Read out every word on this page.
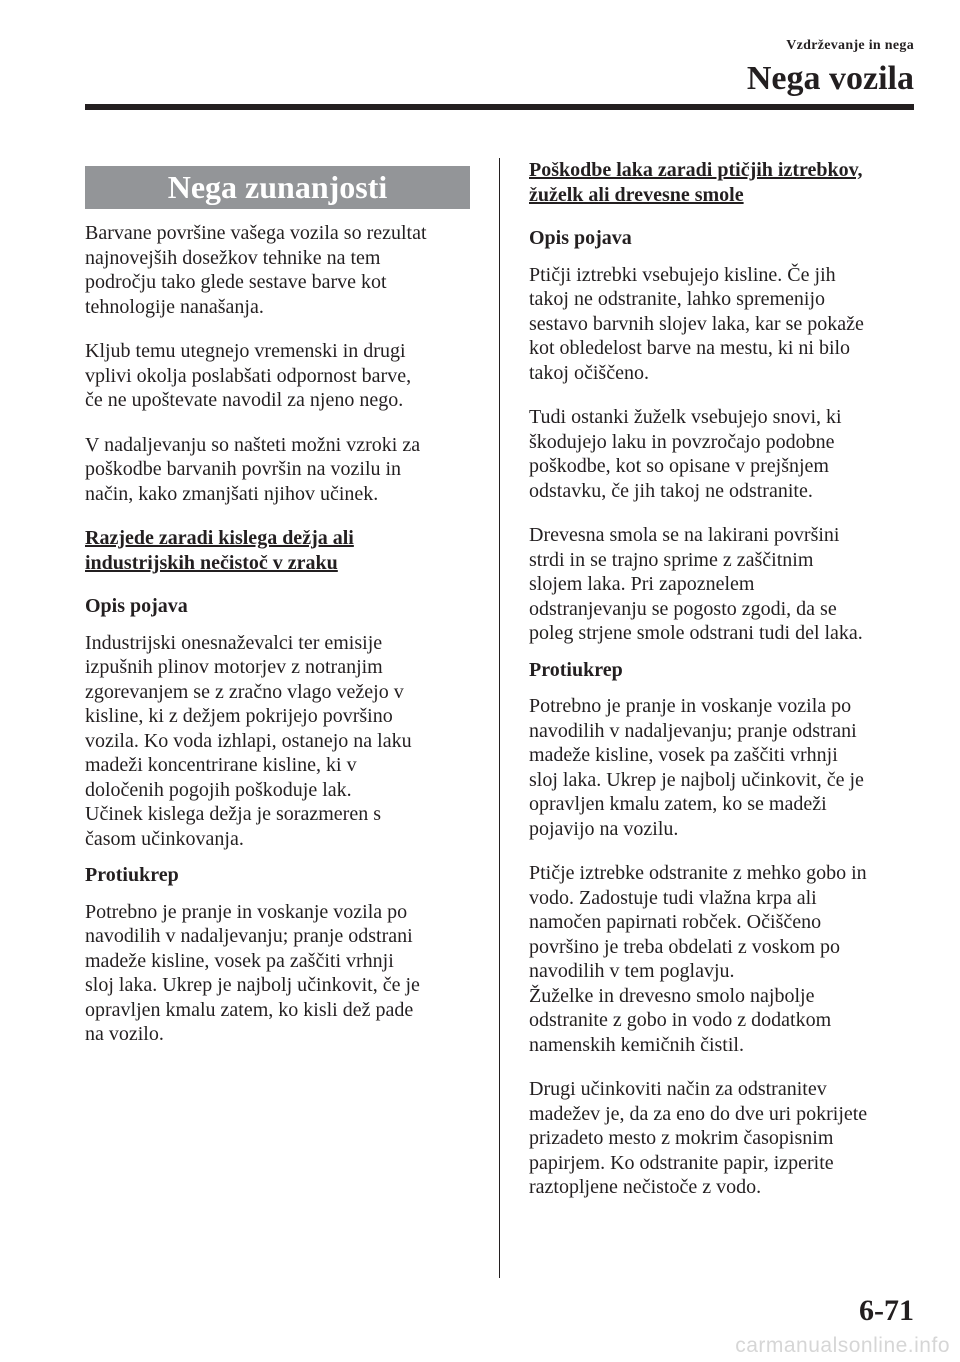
Vzdrževanje in nega
Nega vozila
Nega zunanjosti

Barvane površine vašega vozila so rezultat
najnovejših dosežkov tehnike na tem
področju tako glede sestave barve kot
tehnologije nanašanja.

Kljub temu utegnejo vremenski in drugi
vplivi okolja poslabšati odpornost barve,
če ne upoštevate navodil za njeno nego.

V nadaljevanju so našteti možni vzroki za
poškodbe barvanih površin na vozilu in
način, kako zmanjšati njihov učinek.

Razjede zaradi kislega dežja ali
industrijskih nečistoč v zraku
Opis pojava

Industrijski onesnaževalci ter emisije
izpušnih plinov motorjev z notranjim
zgorevanjem se z zračno vlago vežejo v
kisline, ki z dežjem pokrijejo površino
vozila. Ko voda izhlapi, ostanejo na laku
madeži koncentrirane kisline, ki v
določenih pogojih poškoduje lak.
Učinek kislega dežja je sorazmeren s
časom učinkovanja.

Protiukrep

Potrebno je pranje in voskanje vozila po
navodilih v nadaljevanju; pranje odstrani
madeže kisline, vosek pa zaščiti vrhnji
sloj laka. Ukrep je najbolj učinkovit, če je
opravljen kmalu zatem, ko kisli dež pade
na vozilo.

Poškodbe laka zaradi ptičjih iztrebkov,
žuželk ali drevesne smole
Opis pojava

Ptičji iztrebki vsebujejo kisline. Če jih
takoj ne odstranite, lahko spremenijo
sestavo barvnih slojev laka, kar se pokaže
kot obledelost barve na mestu, ki ni bilo
takoj očiščeno.

Tudi ostanki žuželk vsebujejo snovi, ki
škodujejo laku in povzročajo podobne
poškodbe, kot so opisane v prejšnjem
odstavku, če jih takoj ne odstranite.

Drevesna smola se na lakirani površini
strdi in se trajno sprime z zaščitnim
slojem laka. Pri zapoznelem
odstranjevanju se pogosto zgodi, da se
poleg strjene smole odstrani tudi del laka.

Protiukrep

Potrebno je pranje in voskanje vozila po
navodilih v nadaljevanju; pranje odstrani
madeže kisline, vosek pa zaščiti vrhnji
sloj laka. Ukrep je najbolj učinkovit, če je
opravljen kmalu zatem, ko se madeži
pojavijo na vozilu.

Ptičje iztrebke odstranite z mehko gobo in
vodo. Zadostuje tudi vlažna krpa ali
namočen papirnati robček. Očiščeno
površino je treba obdelati z voskom po
navodilih v tem poglavju.
Žuželke in drevesno smolo najbolje
odstranite z gobo in vodo z dodatkom
namenskih kemičnih čistil.

Drugi učinkoviti način za odstranitev
madežev je, da za eno do dve uri pokrijete
prizadeto mesto z mokrim časopisnim
papirjem. Ko odstranite papir, izperite
raztopljene nečistoče z vodo.

6-71
carmanualsonline.info
